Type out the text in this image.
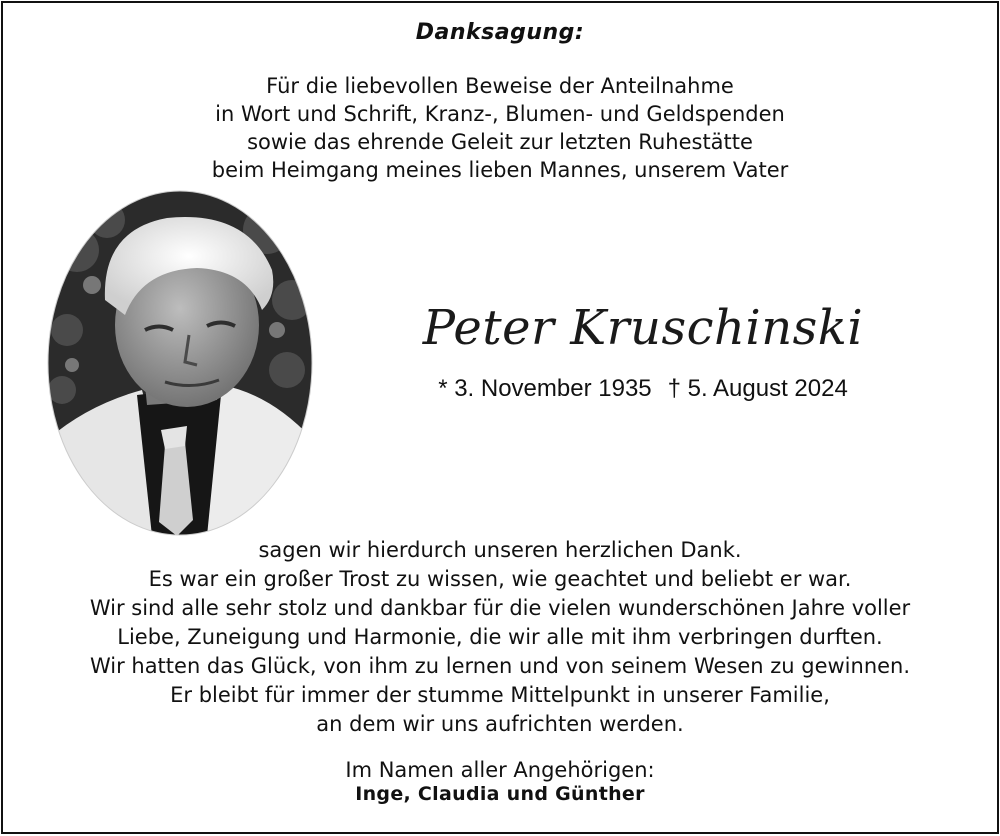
Danksagung:
Für die liebevollen Beweise der Anteilnahme
in Wort und Schrift, Kranz-, Blumen- und Geldspenden
sowie das ehrende Geleit zur letzten Ruhestätte
beim Heimgang meines lieben Mannes, unserem Vater
Peter Kruschinski
* 3. November 1935 † 5. August 2024
sagen wir hierdurch unseren herzlichen Dank.
Es war ein großer Trost zu wissen, wie geachtet und beliebt er war.
Wir sind alle sehr stolz und dankbar für die vielen wunderschönen Jahre voller
Liebe, Zuneigung und Harmonie, die wir alle mit ihm verbringen durften.
Wir hatten das Glück, von ihm zu lernen und von seinem Wesen zu gewinnen.
Er bleibt für immer der stumme Mittelpunkt in unserer Familie,
an dem wir uns aufrichten werden.
Im Namen aller Angehörigen:
Inge, Claudia und Günther
